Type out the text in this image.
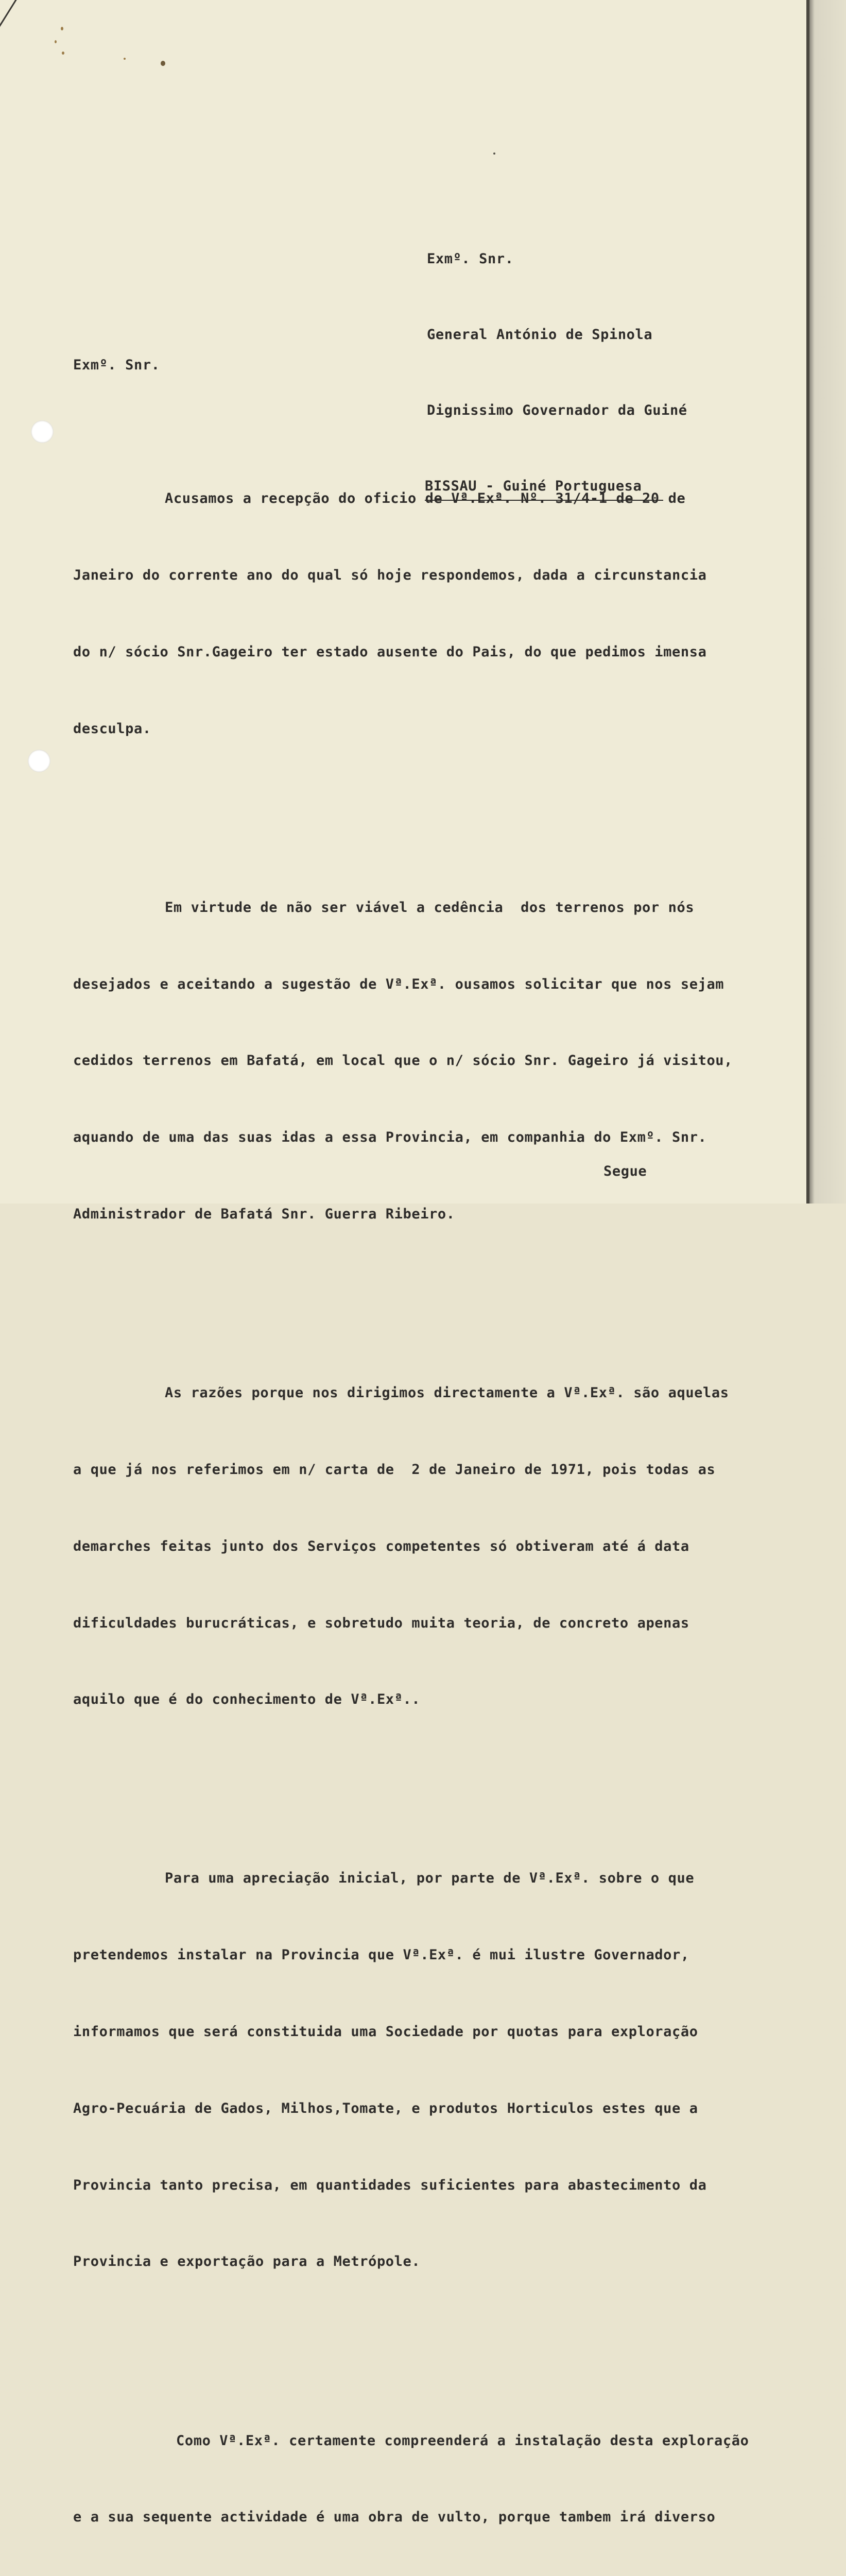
Exmº. Snr.

General António de Spinola

Dignissimo Governador da Guiné

BISSAU - Guiné Portuguesa

Exmº. Snr.

Acusamos a recepção do oficio de Vª.Exª. Nº. 31/4-1 de 20 de

Janeiro do corrente ano do qual só hoje respondemos, dada a circunstancia

do n/ sócio Snr.Gageiro ter estado ausente do Pais, do que pedimos imensa

desculpa.

Em virtude de não ser viável a cedência  dos terrenos por nós

desejados e aceitando a sugestão de Vª.Exª. ousamos solicitar que nos sejam

cedidos terrenos em Bafatá, em local que o n/ sócio Snr. Gageiro já visitou,

aquando de uma das suas idas a essa Provincia, em companhia do Exmº. Snr.

Administrador de Bafatá Snr. Guerra Ribeiro.

As razões porque nos dirigimos directamente a Vª.Exª. são aquelas

a que já nos referimos em n/ carta de  2 de Janeiro de 1971, pois todas as

demarches feitas junto dos Serviços competentes só obtiveram até á data

dificuldades burucráticas, e sobretudo muita teoria, de concreto apenas

aquilo que é do conhecimento de Vª.Exª..

Para uma apreciação inicial, por parte de Vª.Exª. sobre o que

pretendemos instalar na Provincia que Vª.Exª. é mui ilustre Governador,

informamos que será constituida uma Sociedade por quotas para exploração

Agro-Pecuária de Gados, Milhos,Tomate, e produtos Horticulos estes que a

Provincia tanto precisa, em quantidades suficientes para abastecimento da

Provincia e exportação para a Metrópole.

Como Vª.Exª. certamente compreenderá a instalação desta exploração

e a sua sequente actividade é uma obra de vulto, porque tambem irá diverso

Segue
